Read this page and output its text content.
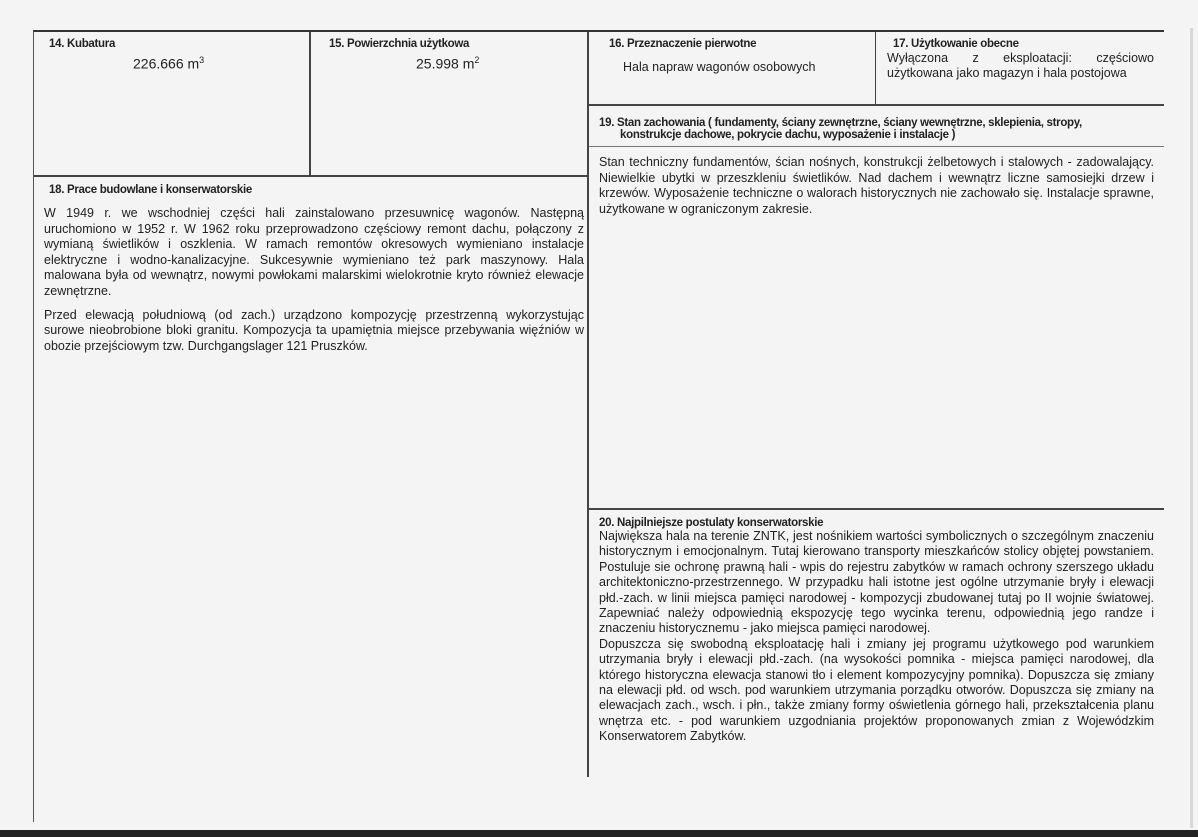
14. Kubatura
226.666 $m^3$
15. Powierzchnia użytkowa
25.998 $m^2$
16. Przeznaczenie pierwotne
Hala napraw wagonów osobowych
17. Użytkowanie obecne
Wyłączona z eksploatacji: częściowo użytkowana jako magazyn i hala postojowa
19. Stan zachowania ( fundamenty, ściany zewnętrzne, ściany wewnętrzne, sklepienia, stropy,
konstrukcje dachowe, pokrycie dachu, wyposażenie i instalacje )
Stan techniczny fundamentów, ścian nośnych, konstrukcji żelbetowych i stalowych - zadowalający. Niewielkie ubytki w przeszkleniu świetlików. Nad dachem i wewnątrz liczne samosiejki drzew i krzewów. Wyposażenie techniczne o walorach historycznych nie zachowało się. Instalacje sprawne, użytkowane w ograniczonym zakresie.
18. Prace budowlane i konserwatorskie
W 1949 r. we wschodniej części hali zainstalowano przesuwnicę wagonów. Następną uruchomiono w 1952 r. W 1962 roku przeprowadzono częściowy remont dachu, połączony z wymianą świetlików i oszklenia. W ramach remontów okresowych wymieniano instalacje elektryczne i wodno-kanalizacyjne. Sukcesywnie wymieniano też park maszynowy. Hala malowana była od wewnątrz, nowymi powłokami malarskimi wielokrotnie kryto również elewacje zewnętrzne.
Przed elewacją południową (od zach.) urządzono kompozycję przestrzenną wykorzystując surowe nieobrobione bloki granitu. Kompozycja ta upamiętnia miejsce przebywania więźniów w obozie przejściowym tzw. Durchgangslager 121 Pruszków.
20. Najpilniejsze postulaty konserwatorskie
Największa hala na terenie ZNTK, jest nośnikiem wartości symbolicznych o szczególnym znaczeniu historycznym i emocjonalnym. Tutaj kierowano transporty mieszkańców stolicy objętej powstaniem. Postuluje sie ochronę prawną hali - wpis do rejestru zabytków w ramach ochrony szerszego układu architektoniczno-przestrzennego. W przypadku hali istotne jest ogólne utrzymanie bryły i elewacji płd.-zach. w linii miejsca pamięci narodowej - kompozycji zbudowanej tutaj po II wojnie światowej. Zapewniać należy odpowiednią ekspozycję tego wycinka terenu, odpowiednią jego randze i znaczeniu historycznemu - jako miejsca pamięci narodowej.
Dopuszcza się swobodną eksploatację hali i zmiany jej programu użytkowego pod warunkiem utrzymania bryły i elewacji płd.-zach. (na wysokości pomnika - miejsca pamięci narodowej, dla którego historyczna elewacja stanowi tło i element kompozycyjny pomnika). Dopuszcza się zmiany na elewacji płd. od wsch. pod warunkiem utrzymania porządku otworów. Dopuszcza się zmiany na elewacjach zach., wsch. i płn., także zmiany formy oświetlenia górnego hali, przekształcenia planu wnętrza etc. - pod warunkiem uzgodniania projektów proponowanych zmian z Wojewódzkim Konserwatorem Zabytków.
